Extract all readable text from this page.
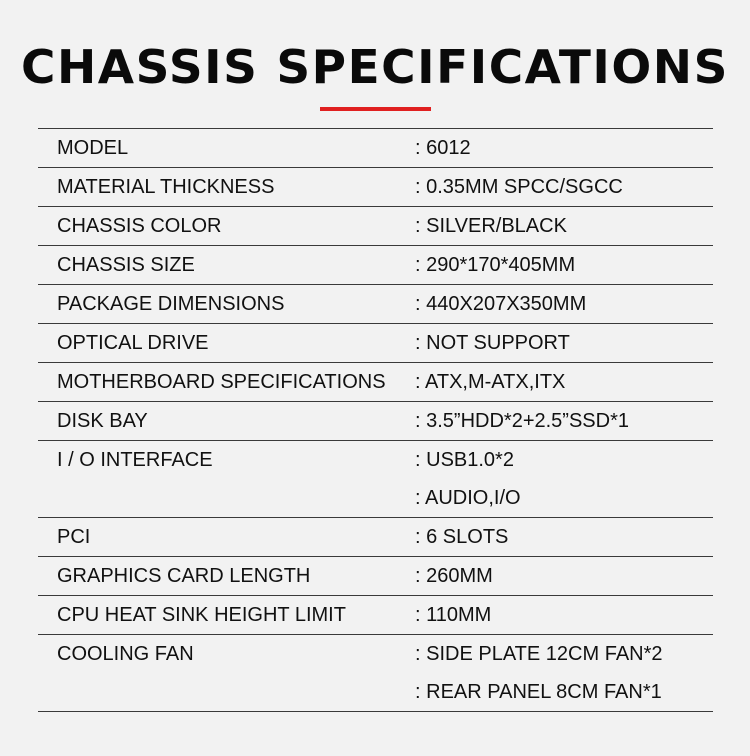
CHASSIS SPECIFICATIONS
MODEL	: 6012
MATERIAL THICKNESS	: 0.35MM SPCC/SGCC
CHASSIS COLOR	: SILVER/BLACK
CHASSIS SIZE	: 290*170*405MM
PACKAGE DIMENSIONS	: 440X207X350MM
OPTICAL DRIVE	: NOT SUPPORT
MOTHERBOARD SPECIFICATIONS	: ATX,M-ATX,ITX
DISK BAY	: 3.5”HDD*2+2.5”SSD*1
I / O INTERFACE	: USB1.0*2
: AUDIO,I/O
PCI	: 6 SLOTS
GRAPHICS CARD LENGTH	: 260MM
CPU HEAT SINK HEIGHT LIMIT	: 110MM
COOLING FAN	: SIDE PLATE 12CM FAN*2
: REAR PANEL 8CM FAN*1
